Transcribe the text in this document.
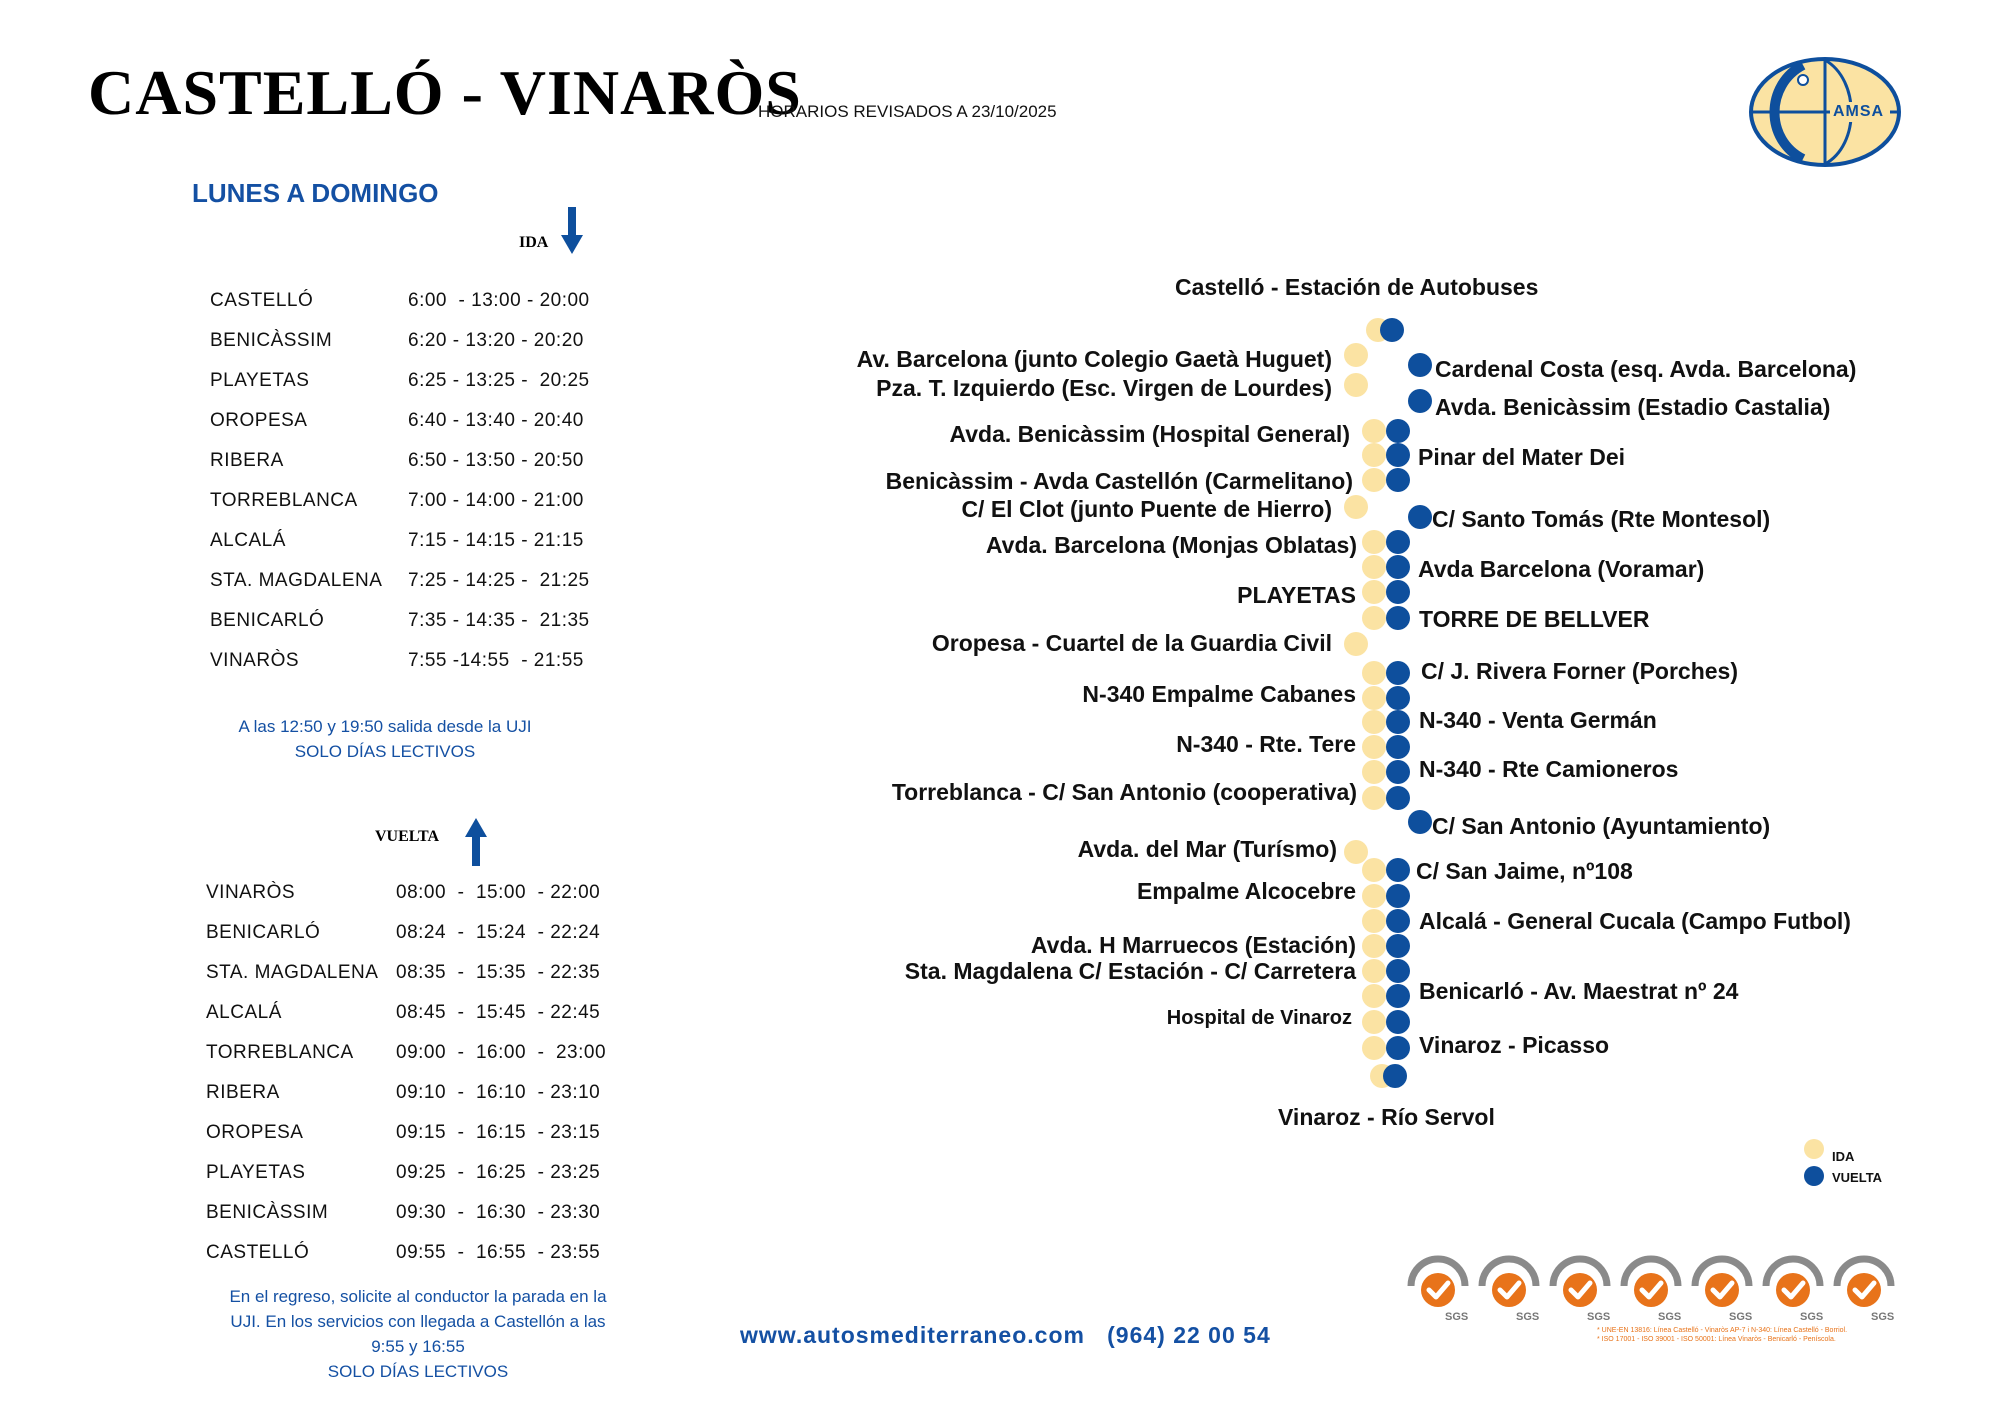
CASTELLÓ - VINARÒS
HORARIOS REVISADOS A 23/10/2025	AMSA
LUNES A DOMINGO
IDA
CASTELLÓ	6:00  - 13:00 - 20:00
BENICÀSSIM	6:20 - 13:20 - 20:20
PLAYETAS	6:25 - 13:25 -  20:25
OROPESA	6:40 - 13:40 - 20:40
RIBERA	6:50 - 13:50 - 20:50
TORREBLANCA	7:00 - 14:00 - 21:00
ALCALÁ	7:15 - 14:15 - 21:15
STA. MAGDALENA 7:25 - 14:25 -  21:25
BENICARLÓ	7:35 - 14:35 -  21:35
VINARÒS	7:55 -14:55  - 21:55
A las 12:50 y 19:50 salida desde la UJI
SOLO DÍAS LECTIVOS
VUELTA
VINARÒS	08:00  -  15:00  - 22:00
BENICARLÓ	08:24  -  15:24  - 22:24
STA. MAGDALENA 08:35  -  15:35  - 22:35
ALCALÁ	08:45  -  15:45  - 22:45
TORREBLANCA 09:00  -  16:00  -  23:00
RIBERA	09:10  -  16:10  - 23:10
OROPESA	09:15  -  16:15  - 23:15
PLAYETAS	09:25  -  16:25  - 23:25
BENICÀSSIM	09:30  -  16:30  - 23:30
CASTELLÓ	09:55  -  16:55  - 23:55
En el regreso, solicite al conductor la parada en la
UJI. En los servicios con llegada a Castellón a las
9:55 y 16:55
SOLO DÍAS LECTIVOS
Castelló - Estación de Autobuses
Vinaroz - Río Servol
Av. Barcelona (junto Colegio Gaetà Huguet)
Pza. T. Izquierdo (Esc. Virgen de Lourdes)
Avda. Benicàssim (Hospital General)
Benicàssim - Avda Castellón (Carmelitano)
C/ El Clot (junto Puente de Hierro)
Avda. Barcelona (Monjas Oblatas)
PLAYETAS
Oropesa - Cuartel de la Guardia Civil
N-340 Empalme Cabanes
N-340 - Rte. Tere
Torreblanca - C/ San Antonio (cooperativa)
Avda. del Mar (Turísmo)
Empalme Alcocebre
Avda. H Marruecos (Estación)
Sta. Magdalena C/ Estación - C/ Carretera
Hospital de Vinaroz
Cardenal Costa (esq. Avda. Barcelona)
Avda. Benicàssim (Estadio Castalia)
Pinar del Mater Dei
C/ Santo Tomás (Rte Montesol)
Avda Barcelona (Voramar)
TORRE DE BELLVER
C/ J. Rivera Forner (Porches)
N-340 - Venta Germán
N-340 - Rte Camioneros
C/ San Antonio (Ayuntamiento)
C/ San Jaime, nº108
Alcalá - General Cucala (Campo Futbol)
Benicarló - Av. Maestrat nº 24
Vinaroz - Picasso
IDA
VUELTA
www.autosmediterraneo.com (964) 22 00 54
SGS	SGS	SGS	SGS	SGS	SGS	SGS
* UNE-EN 13816: Línea Castelló - Vinaròs AP-7 i N-340: Línea Castelló - Borriol.
* ISO 17001 - ISO 39001 - ISO 50001: Línea Vinaròs - Benicarló - Peníscola.
